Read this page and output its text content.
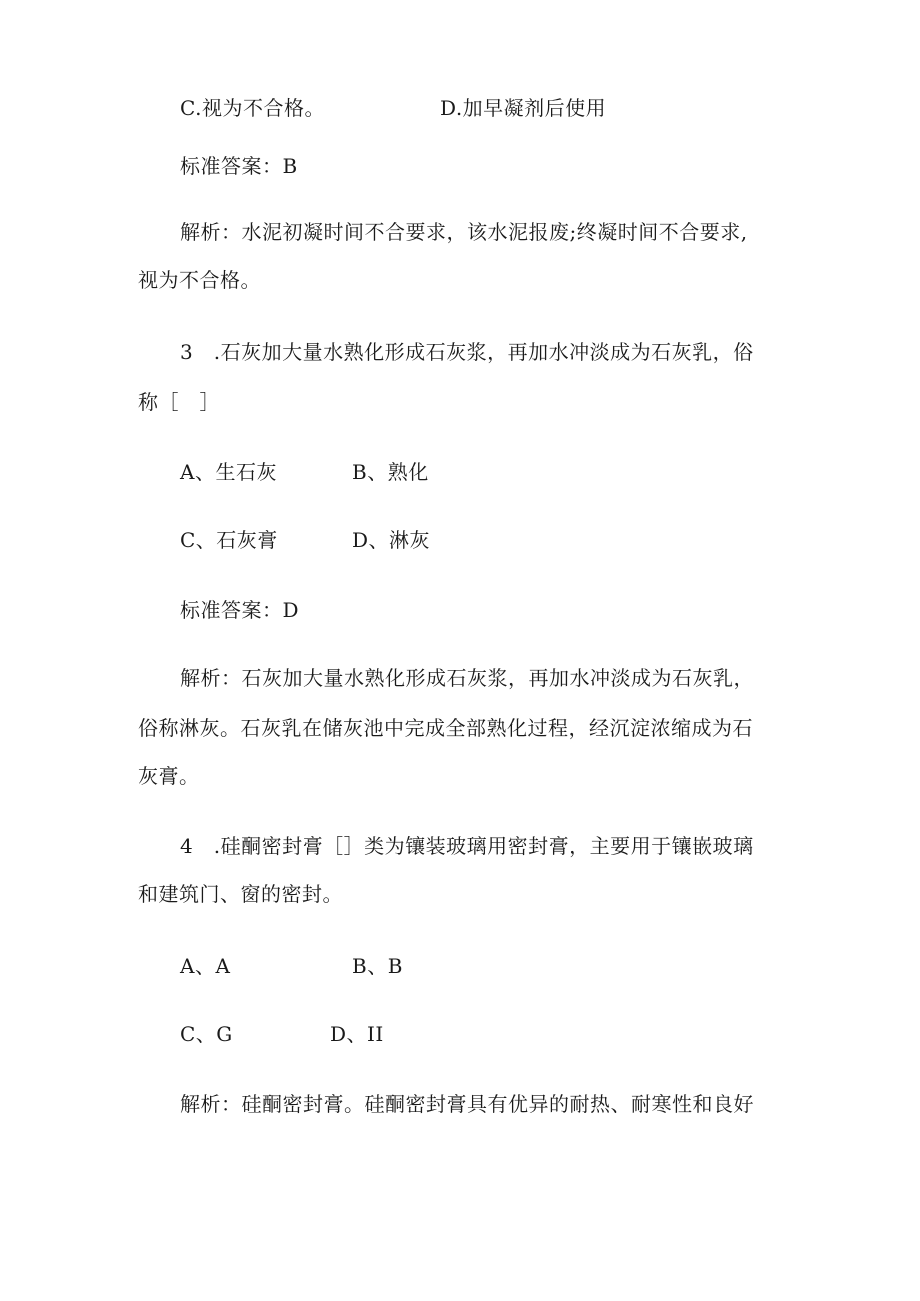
C.视为不合格。	D.加早凝剂后使用
标准答案：B
解析：水泥初凝时间不合要求，该水泥报废;终凝时间不合要求,
视为不合格。
3 .石灰加大量水熟化形成石灰浆，再加水冲淡成为石灰乳，俗
称［ ］
A、生石灰	B、熟化
C、石灰膏	D、淋灰
标准答案：D
解析：石灰加大量水熟化形成石灰浆，再加水冲淡成为石灰乳，
俗称淋灰。石灰乳在储灰池中完成全部熟化过程，经沉淀浓缩成为石
灰膏。
4 .硅酮密封膏［］类为镶装玻璃用密封膏，主要用于镶嵌玻璃
和建筑门、窗的密封。
A、A	B、B
C、G	D、II
解析：硅酮密封膏。硅酮密封膏具有优异的耐热、耐寒性和良好
